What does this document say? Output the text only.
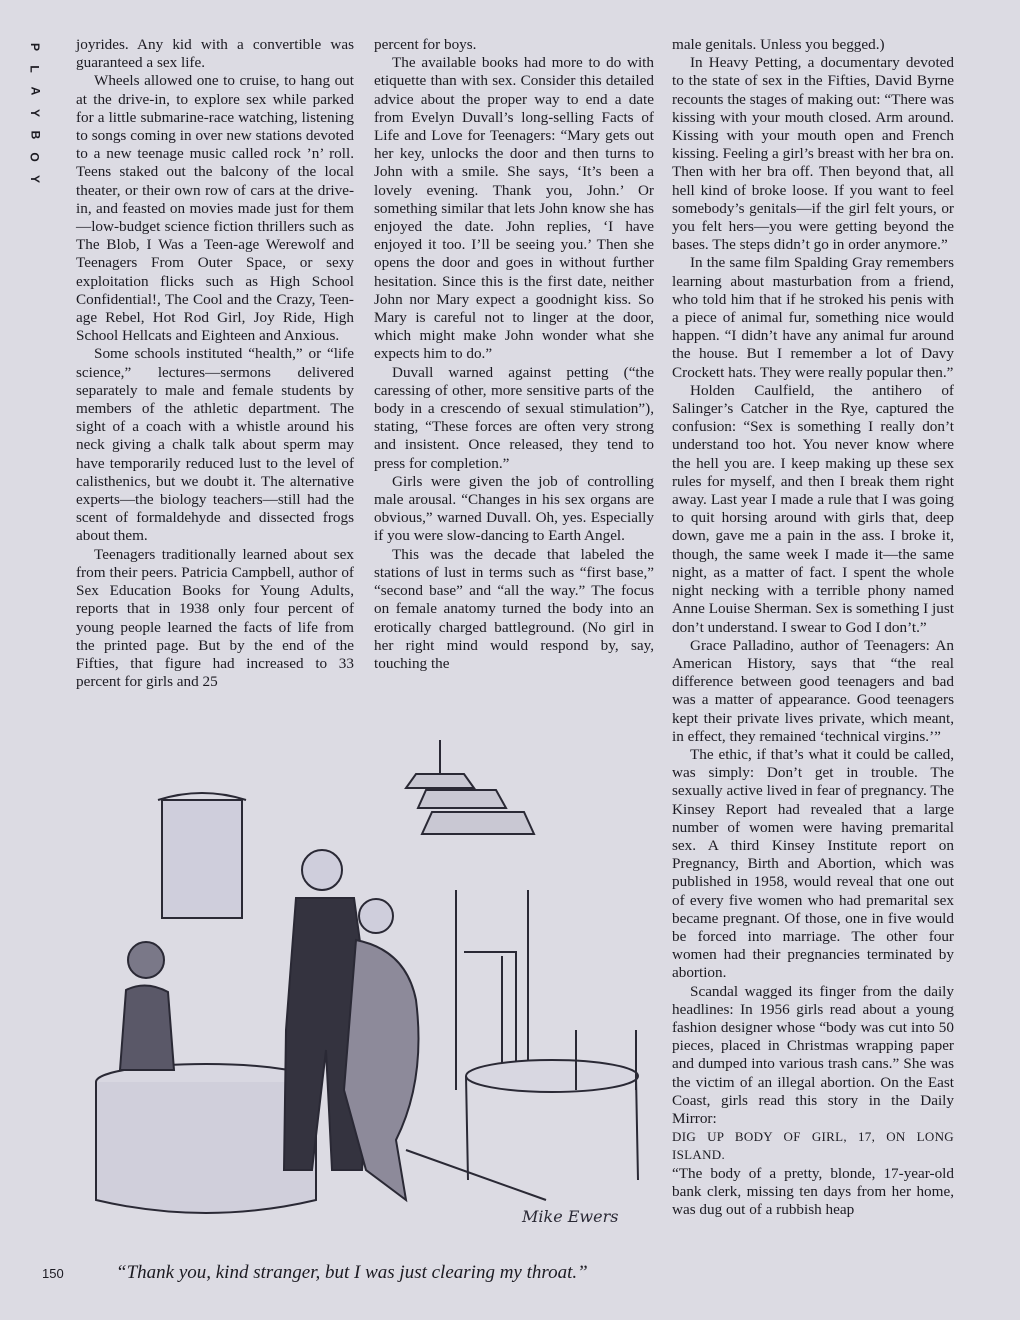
P
L
A
Y
B
O
Y

joyrides. Any kid with a convertible was guaranteed a sex life.

Wheels allowed one to cruise, to hang out at the drive-in, to explore sex while parked for a little submarine-race watching, listening to songs coming in over new stations devoted to a new teenage music called rock ’n’ roll. Teens staked out the balcony of the local theater, or their own row of cars at the drive-in, and feasted on movies made just for them—low-budget science fiction thrillers such as The Blob, I Was a Teen-age Werewolf and Teenagers From Outer Space, or sexy exploitation flicks such as High School Confidential!, The Cool and the Crazy, Teen-age Rebel, Hot Rod Girl, Joy Ride, High School Hellcats and Eighteen and Anxious.

Some schools instituted “health,” or “life science,” lectures—sermons delivered separately to male and female students by members of the athletic department. The sight of a coach with a whistle around his neck giving a chalk talk about sperm may have temporarily reduced lust to the level of calisthenics, but we doubt it. The alternative experts—the biology teachers—still had the scent of formaldehyde and dissected frogs about them.

Teenagers traditionally learned about sex from their peers. Patricia Campbell, author of Sex Education Books for Young Adults, reports that in 1938 only four percent of young people learned the facts of life from the printed page. But by the end of the Fifties, that figure had increased to 33 percent for girls and 25

percent for boys.

The available books had more to do with etiquette than with sex. Consider this detailed advice about the proper way to end a date from Evelyn Duvall’s long-selling Facts of Life and Love for Teenagers: “Mary gets out her key, unlocks the door and then turns to John with a smile. She says, ‘It’s been a lovely evening. Thank you, John.’ Or something similar that lets John know she has enjoyed the date. John replies, ‘I have enjoyed it too. I’ll be seeing you.’ Then she opens the door and goes in without further hesitation. Since this is the first date, neither John nor Mary expect a goodnight kiss. So Mary is careful not to linger at the door, which might make John wonder what she expects him to do.”

Duvall warned against petting (“the caressing of other, more sensitive parts of the body in a crescendo of sexual stimulation”), stating, “These forces are often very strong and insistent. Once released, they tend to press for completion.”

Girls were given the job of controlling male arousal. “Changes in his sex organs are obvious,” warned Duvall. Oh, yes. Especially if you were slow-dancing to Earth Angel.

This was the decade that labeled the stations of lust in terms such as “first base,” “second base” and “all the way.” The focus on female anatomy turned the body into an erotically charged battleground. (No girl in her right mind would respond by, say, touching the

male genitals. Unless you begged.)

In Heavy Petting, a documentary devoted to the state of sex in the Fifties, David Byrne recounts the stages of making out: “There was kissing with your mouth closed. Arm around. Kissing with your mouth open and French kissing. Feeling a girl’s breast with her bra on. Then with her bra off. Then beyond that, all hell kind of broke loose. If you want to feel somebody’s genitals—if the girl felt yours, or you felt hers—you were getting beyond the bases. The steps didn’t go in order anymore.”

In the same film Spalding Gray remembers learning about masturbation from a friend, who told him that if he stroked his penis with a piece of animal fur, something nice would happen. “I didn’t have any animal fur around the house. But I remember a lot of Davy Crockett hats. They were really popular then.”

Holden Caulfield, the antihero of Salinger’s Catcher in the Rye, captured the confusion: “Sex is something I really don’t understand too hot. You never know where the hell you are. I keep making up these sex rules for myself, and then I break them right away. Last year I made a rule that I was going to quit horsing around with girls that, deep down, gave me a pain in the ass. I broke it, though, the same week I made it—the same night, as a matter of fact. I spent the whole night necking with a terrible phony named Anne Louise Sherman. Sex is something I just don’t understand. I swear to God I don’t.”

Grace Palladino, author of Teenagers: An American History, says that “the real difference between good teenagers and bad was a matter of appearance. Good teenagers kept their private lives private, which meant, in effect, they remained ‘technical virgins.’”

The ethic, if that’s what it could be called, was simply: Don’t get in trouble. The sexually active lived in fear of pregnancy. The Kinsey Report had revealed that a large number of women were having premarital sex. A third Kinsey Institute report on Pregnancy, Birth and Abortion, which was published in 1958, would reveal that one out of every five women who had premarital sex became pregnant. Of those, one in five would be forced into marriage. The other four women had their pregnancies terminated by abortion.

Scandal wagged its finger from the daily headlines: In 1956 girls read about a young fashion designer whose “body was cut into 50 pieces, placed in Christmas wrapping paper and dumped into various trash cans.” She was the victim of an illegal abortion. On the East Coast, girls read this story in the Daily Mirror:

DIG UP BODY OF GIRL, 17, ON LONG ISLAND.

“The body of a pretty, blonde, 17-year-old bank clerk, missing ten days from her home, was dug out of a rubbish heap

Mike Ewers
“Thank you, kind stranger, but I was just clearing my throat.”
150
